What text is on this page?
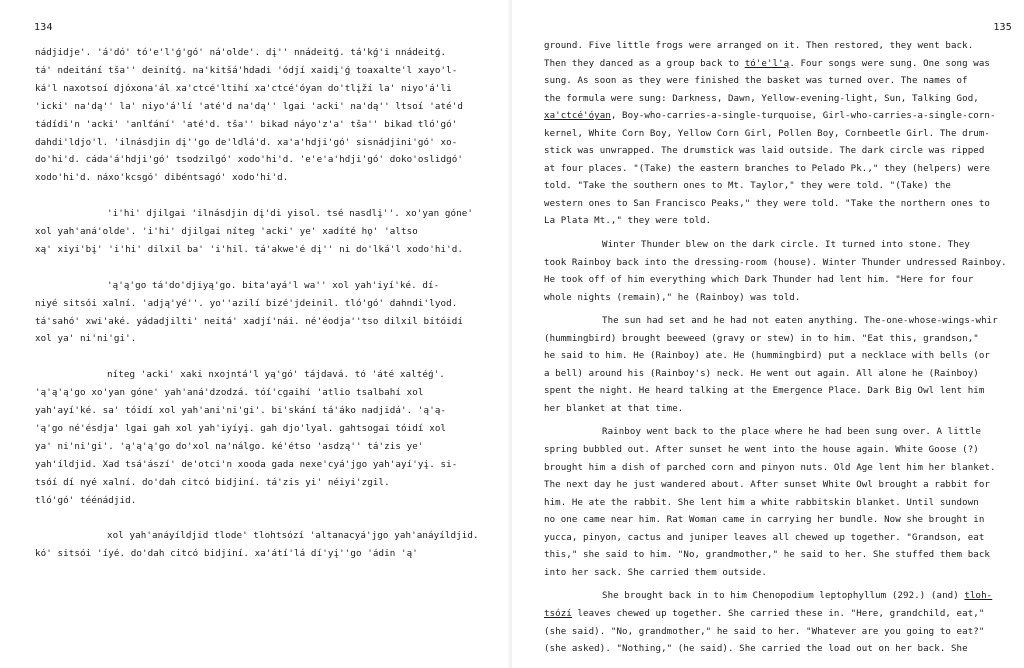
134
nádjidje'. 'á'dó' tó'e'l'ǵ'gó' ná'olde'. dį'' nnádeitǵ. tá'kǵ'i nnádeitǵ.
tá' ndeitání tša'' deinítǵ. na'kitšá'hdadi 'ódjí xaidį'ǵ toaxalte'l xayo'l-
ká'l naxotsoí djóxona'ál xa'ctcé'ltihí xa'ctcé'óyan do'tlįží la' niyo'á'li
'icki' na'dą'' la' niyo'á'lí 'até'd na'dą'' lgai 'acki' na'dą'' ltsoí 'até'd
tádídi'n 'acki' 'anlťání' 'até'd. tša'' bikad náyo'z'a' tša'' bikad tló'gó'
dahdi'ldjo'l. 'ilnásdjin dį''go de'ldlá'd. xa'a'hdji'gó' sisnádjini'gó' xo-
do'hi'd. cáda'á'hdji'gó' tsodzilgó' xodo'hi'd. 'e'e'a'hdji'gó' doko'oslidgó'
xodo'hi'd. náxo'kcsgó' dibéntsagó' xodo'hi'd.
'i'hi' djilgai 'ilnásdjin dį'di yisol. tsé nasdlį''. xo'yan góne'
xol yah'aná'olde'. 'i'hi' djilgai níteg 'acki' ye' xadíté hǫ' 'altso
xą' xiyi'bį' 'i'hi' dilxil ba' 'i'hil. tá'akwe'é dį'' ni do'lká'l xodo'hi'd.
'ą'ą'go tá'do'djiyą'go. bita'ayá'l wa'' xol yah'iyí'ké. dí-
niyé sitsói xalní. 'adją'yé''. yo''azilí bizé'jdeinil. tló'gó' dahndi'lyod.
tá'sahó' xwi'aké. yádadjilti' neitá' xadjí'nái. né'éodja''tso dilxil bitóidí
xol ya' ni'ni'gi'.
níteg 'acki' xaki nxojntá'l yą'gó' tájdavá. tó 'áté xaltéǵ'.
'ą'ą'ą'go xo'yan góne' yah'aná'dzodzá. tóí'cgaihí 'atlio tsalbahí xol
yah'ayí'ké. sa' tóidí xol yah'ani'ni'gi'. bi'skání tá'áko nadjidá'. 'ą'ą-
'ą'go né'ésdja' lgai gah xol yah'iyíyį. gah djo'lyal. gahtsogai tóidí xol
ya' ni'ni'gi'. 'ą'ą'ą'go do'xol na'nálgo. ké'étso 'asdzą'' tá'zis ye'
yah'íldjid. Xad tsá'ászí' de'otci'n xooda gada nexe'cyá'jgo yah'ayí'yį. si-
tsóí dí nyé xalní. do'dah citcó bidjiní. tá'zis yi' néiyi'zgil.
tló'gó' téénádjid.
xol yah'anáyíldjid tlode' tlohtsózí 'altanacyá'jgo yah'anáyíldjid.
kó' sitsói 'íyé. do'dah citcó bidjiní. xa'átí'lá dí'yį''go 'ádin 'ą'
135
ground. Five little frogs were arranged on it. Then restored, they went back.
Then they danced as a group back to tó'e'l'ą. Four songs were sung. One song was
sung. As soon as they were finished the basket was turned over. The names of
the formula were sung: Darkness, Dawn, Yellow-evening-light, Sun, Talking God,
xa'ctcé'óyan, Boy-who-carries-a-single-turquoise, Girl-who-carries-a-single-corn-
kernel, White Corn Boy, Yellow Corn Girl, Pollen Boy, Cornbeetle Girl. The drum-
stick was unwrapped. The drumstick was laid outside. The dark circle was ripped
at four places. "(Take) the eastern branches to Pelado Pk.," they (helpers) were
told. "Take the southern ones to Mt. Taylor," they were told. "(Take) the
western ones to San Francisco Peaks," they were told. "Take the northern ones to
La Plata Mt.," they were told.
Winter Thunder blew on the dark circle. It turned into stone. They
took Rainboy back into the dressing-room (house). Winter Thunder undressed Rainboy.
He took off of him everything which Dark Thunder had lent him. "Here for four
whole nights (remain)," he (Rainboy) was told.
The sun had set and he had not eaten anything. The-one-whose-wings-whir
(hummingbird) brought beeweed (gravy or stew) in to him. "Eat this, grandson,"
he said to him. He (Rainboy) ate. He (hummingbird) put a necklace with bells (or
a bell) around his (Rainboy's) neck. He went out again. All alone he (Rainboy)
spent the night. He heard talking at the Emergence Place. Dark Big Owl lent him
her blanket at that time.
Rainboy went back to the place where he had been sung over. A little
spring bubbled out. After sunset he went into the house again. White Goose (?)
brought him a dish of parched corn and pinyon nuts. Old Age lent him her blanket.
The next day he just wandered about. After sunset White Owl brought a rabbit for
him. He ate the rabbit. She lent him a white rabbitskin blanket. Until sundown
no one came near him. Rat Woman came in carrying her bundle. Now she brought in
yucca, pinyon, cactus and juniper leaves all chewed up together. "Grandson, eat
this," she said to him. "No, grandmother," he said to her. She stuffed them back
into her sack. She carried them outside.
She brought back in to him Chenopodium leptophyllum (292.) (and) tloh-
tsózí leaves chewed up together. She carried these in. "Here, grandchild, eat,"
(she said). "No, grandmother," he said to her. "Whatever are you going to eat?"
(she asked). "Nothing," (he said). She carried the load out on her back. She
